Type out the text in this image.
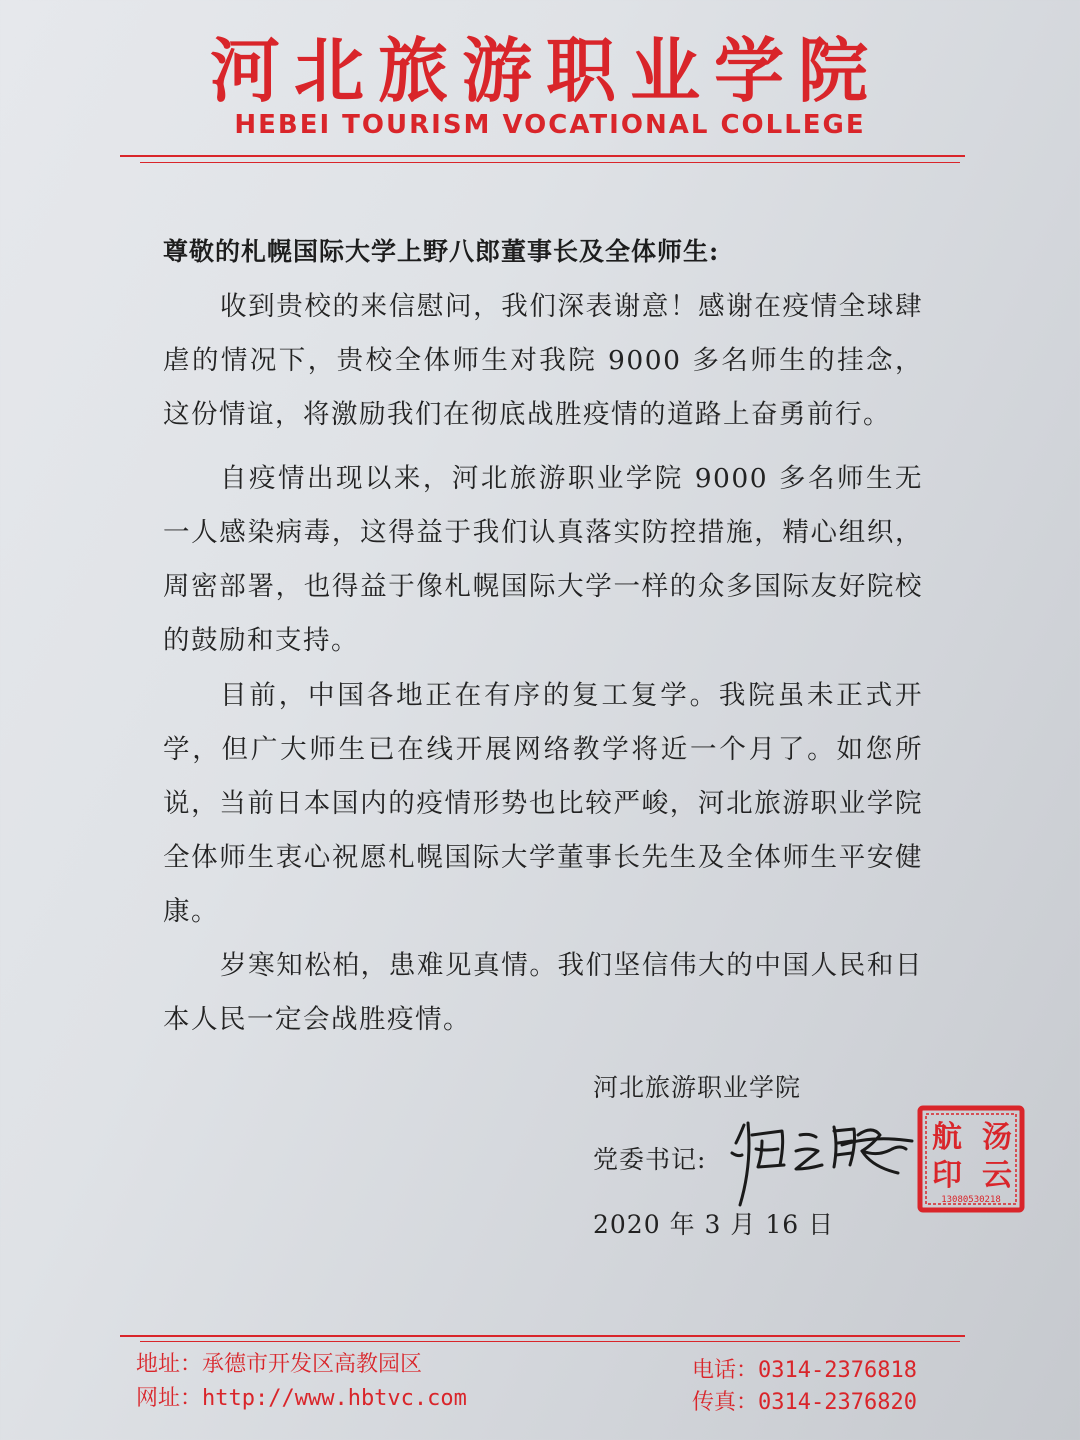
河北旅游职业学院
HEBEI TOURISM VOCATIONAL COLLEGE
尊敬的札幌国际大学上野八郎董事长及全体师生:

收到贵校的来信慰问，我们深表谢意！感谢在疫情全球肆虐的情况下，贵校全体师生对我院 9000 多名师生的挂念，这份情谊，将激励我们在彻底战胜疫情的道路上奋勇前行。

自疫情出现以来，河北旅游职业学院 9000 多名师生无一人感染病毒，这得益于我们认真落实防控措施，精心组织，周密部署，也得益于像札幌国际大学一样的众多国际友好院校的鼓励和支持。

目前，中国各地正在有序的复工复学。我院虽未正式开学，但广大师生已在线开展网络教学将近一个月了。如您所说，当前日本国内的疫情形势也比较严峻，河北旅游职业学院全体师生衷心祝愿札幌国际大学董事长先生及全体师生平安健康。

岁寒知松柏，患难见真情。我们坚信伟大的中国人民和日本人民一定会战胜疫情。

河北旅游职业学院
党委书记:
2020 年 3 月 16 日
汤
云
航
印
13080530218
地址：承德市开发区高教园区
网址：http://www.hbtvc.com
电话：0314-2376818
传真：0314-2376820
